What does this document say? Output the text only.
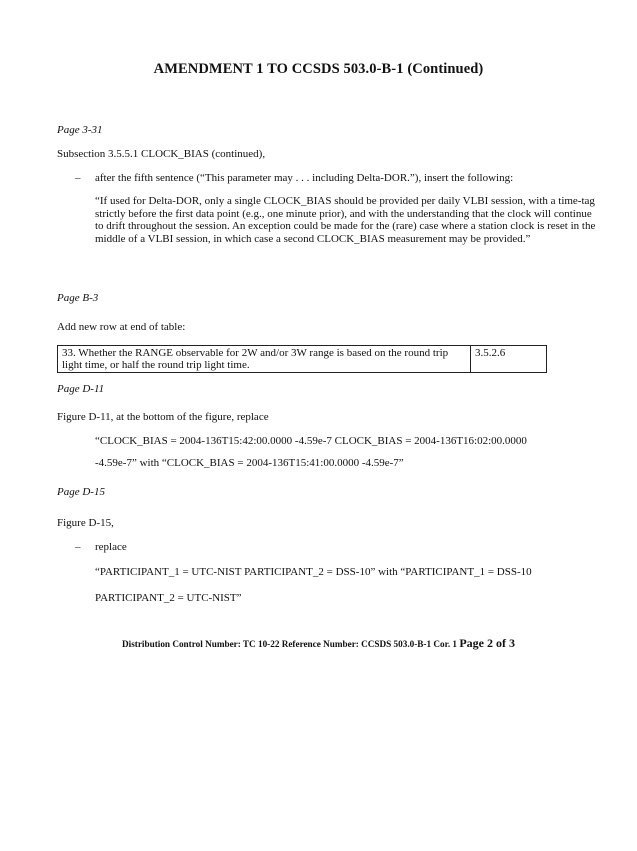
AMENDMENT 1 TO CCSDS 503.0-B-1 (Continued)
Page 3-31
Subsection 3.5.5.1 CLOCK_BIAS (continued),
– after the fifth sentence (“This parameter may . . . including Delta-DOR.”), insert the following:
“If used for Delta-DOR, only a single CLOCK_BIAS should be provided per daily VLBI session, with a time-tag strictly before the first data point (e.g., one minute prior), and with the understanding that the clock will continue to drift throughout the session. An exception could be made for the (rare) case where a station clock is reset in the middle of a VLBI session, in which case a second CLOCK_BIAS measurement may be provided.”
Page B-3
Add new row at end of table:
33. Whether the RANGE observable for 2W and/or 3W range is based on the round trip light time, or half the round trip light time.	3.5.2.6
Page D-11
Figure D-11, at the bottom of the figure, replace
“CLOCK_BIAS = 2004-136T15:42:00.0000 -4.59e-7 CLOCK_BIAS = 2004-136T16:02:00.0000
-4.59e-7” with “CLOCK_BIAS = 2004-136T15:41:00.0000 -4.59e-7”
Page D-15
Figure D-15,
– replace
“PARTICIPANT_1 = UTC-NIST PARTICIPANT_2 = DSS-10” with “PARTICIPANT_1 = DSS-10
PARTICIPANT_2 = UTC-NIST”
Distribution Control Number: TC 10-22 Reference Number: CCSDS 503.0-B-1 Cor. 1 Page 2 of 3
